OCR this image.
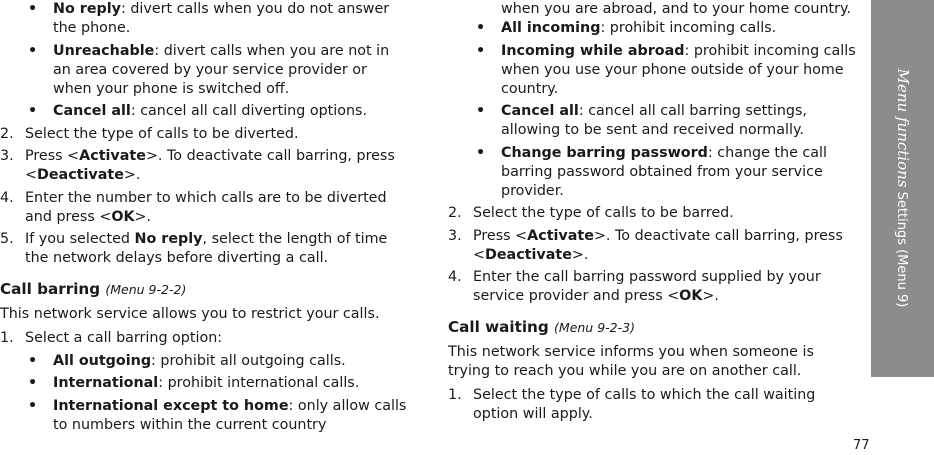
• No reply: divert calls when you do not answer the phone.
• Unreachable: divert calls when you are not in an area covered by your service provider or when your phone is switched off.
• Cancel all: cancel all call diverting options.
2. Select the type of calls to be diverted.
3. Press <Activate>. To deactivate call barring, press <Deactivate>.
4. Enter the number to which calls are to be diverted and press <OK>.
5. If you selected No reply, select the length of time the network delays before diverting a call.
Call barring (Menu 9-2-2)
This network service allows you to restrict your calls.
1. Select a call barring option:
• All outgoing: prohibit all outgoing calls.
• International: prohibit international calls.
• International except to home: only allow calls to numbers within the current country
when you are abroad, and to your home country.
• All incoming: prohibit incoming calls.
• Incoming while abroad: prohibit incoming calls when you use your phone outside of your home country.
• Cancel all: cancel all call barring settings, allowing to be sent and received normally.
• Change barring password: change the call barring password obtained from your service provider.
2. Select the type of calls to be barred.
3. Press <Activate>. To deactivate call barring, press <Deactivate>.
4. Enter the call barring password supplied by your service provider and press <OK>.
Call waiting (Menu 9-2-3)
This network service informs you when someone is trying to reach you while you are on another call.
1. Select the type of calls to which the call waiting option will apply.
Menu functions Settings (Menu 9)
77
